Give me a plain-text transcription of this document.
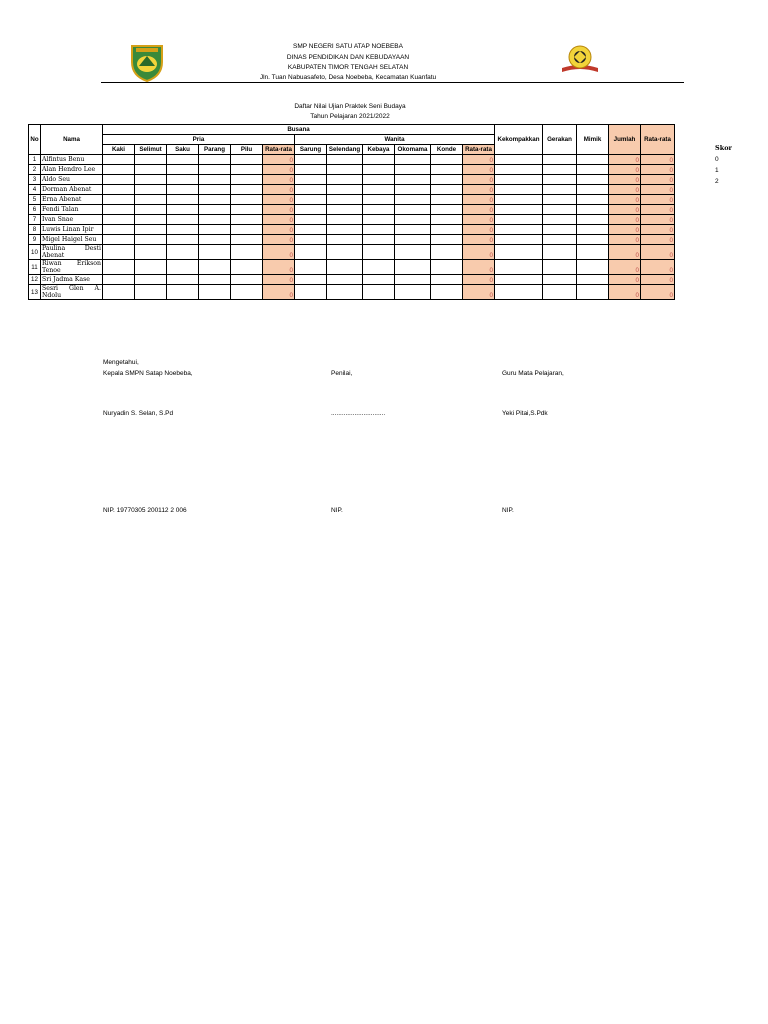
SMP NEGERI SATU ATAP NOEBEBA
DINAS PENDIDIKAN DAN KEBUDAYAAN
KABUPATEN TIMOR TENGAH SELATAN
Jln. Tuan Nabuasafeto, Desa Noebeba, Kecamatan Kuanfatu
Daftar Nilai Ujian Praktek Seni Budaya
Tahun Pelajaran 2021/2022
No	Nama	Busana												Kekompakkan	Gerakan	Mimik	Jumlah	Rata-rata
		Pria						Wanita										
		Kaki	Selimut	Saku	Parang	Pilu	Rata-rata	Sarung	Selendang	Kebaya	Okomama	Konde	Rata-rata					
1	Alfintus Benu						0						0				0	0
2	Alan Hendro Lee						0						0				0	0
3	Aldo Seu						0						0				0	0
4	Dorman Abenat						0						0				0	0
5	Erna Abenat						0						0				0	0
6	Fendi Talan						0						0				0	0
7	Ivan Snae						0						0				0	0
8	Luwis Linan Ipir						0						0				0	0
9	Migel Haigel Seu						0						0				0	0
10	Paulina Desti Abenat						0						0				0	0
11	Riwan Erikson Tenoe						0						0				0	0
12	Sri Jadma Kase						0						0				0	0
13	Sesri Glen A. Ndolu						0						0				0	0
Skor
0
1
2
Mengetahui,
Kepala SMPN Satap Noebeba,	Penilai,	Guru Mata Pelajaran,
Nuryadin S. Selan, S.Pd	..............................	Yeki Pitai,S.Pdk
NIP. 19770305 200112 2 006	NIP.	NIP.
